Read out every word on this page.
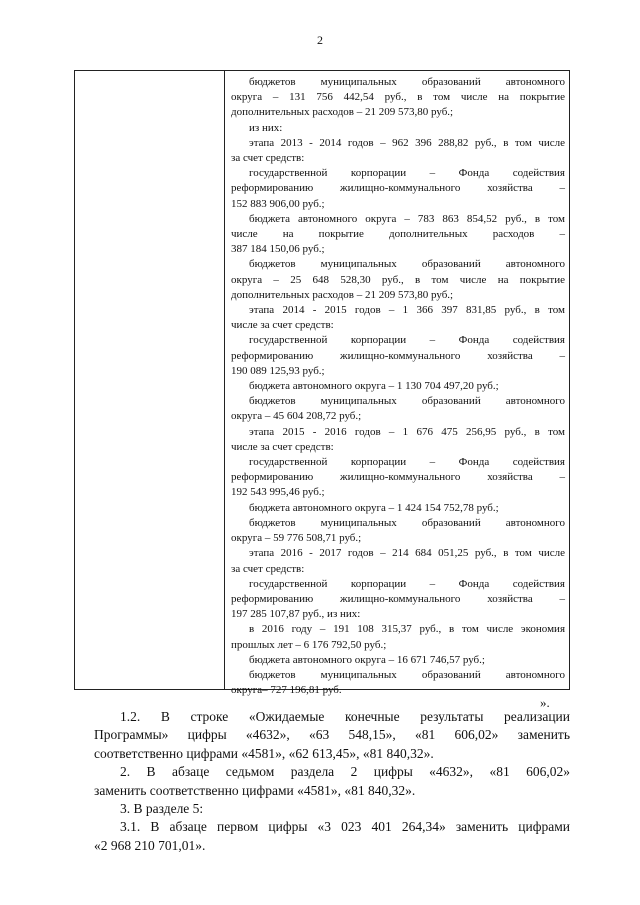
2

бюджетов муниципальных образований автономного

округа – 131 756 442,54 руб., в том числе на покрытие

дополнительных расходов – 21 209 573,80 руб.;

из них:

этапа 2013 - 2014 годов – 962 396 288,82 руб., в том числе

за счет средств:

государственной корпорации – Фонда содействия

реформированию жилищно-коммунального хозяйства –

152 883 906,00 руб.;

бюджета автономного округа – 783 863 854,52 руб., в том

числе на покрытие дополнительных расходов –

387 184 150,06 руб.;

бюджетов муниципальных образований автономного

округа – 25 648 528,30 руб., в том числе на покрытие

дополнительных расходов – 21 209 573,80 руб.;

этапа 2014 - 2015 годов – 1 366 397 831,85 руб., в том

числе за счет средств:

государственной корпорации – Фонда содействия

реформированию жилищно-коммунального хозяйства –

190 089 125,93 руб.;

бюджета автономного округа – 1 130 704 497,20 руб.;

бюджетов муниципальных образований автономного

округа – 45 604 208,72 руб.;

этапа 2015 - 2016 годов – 1 676 475 256,95 руб., в том

числе за счет средств:

государственной корпорации – Фонда содействия

реформированию жилищно-коммунального хозяйства –

192 543 995,46 руб.;

бюджета автономного округа – 1 424 154 752,78 руб.;

бюджетов муниципальных образований автономного

округа – 59 776 508,71 руб.;

этапа 2016 - 2017 годов – 214 684 051,25 руб., в том числе

за счет средств:

государственной корпорации – Фонда содействия

реформированию жилищно-коммунального хозяйства –

197 285 107,87 руб., из них:

в 2016 году – 191 108 315,37 руб., в том числе экономия

прошлых лет – 6 176 792,50 руб.;

бюджета автономного округа – 16 671 746,57 руб.;

бюджетов муниципальных образований автономного

округа– 727 196,81 руб.

».

1.2. В строке «Ожидаемые конечные результаты реализации

Программы» цифры «4632», «63 548,15», «81 606,02» заменить

соответственно цифрами «4581», «62 613,45», «81 840,32».

2. В абзаце седьмом раздела 2 цифры «4632», «81 606,02»

заменить соответственно цифрами «4581», «81 840,32».

3. В разделе 5:

3.1. В абзаце первом цифры «3 023 401 264,34» заменить цифрами

«2 968 210 701,01».
